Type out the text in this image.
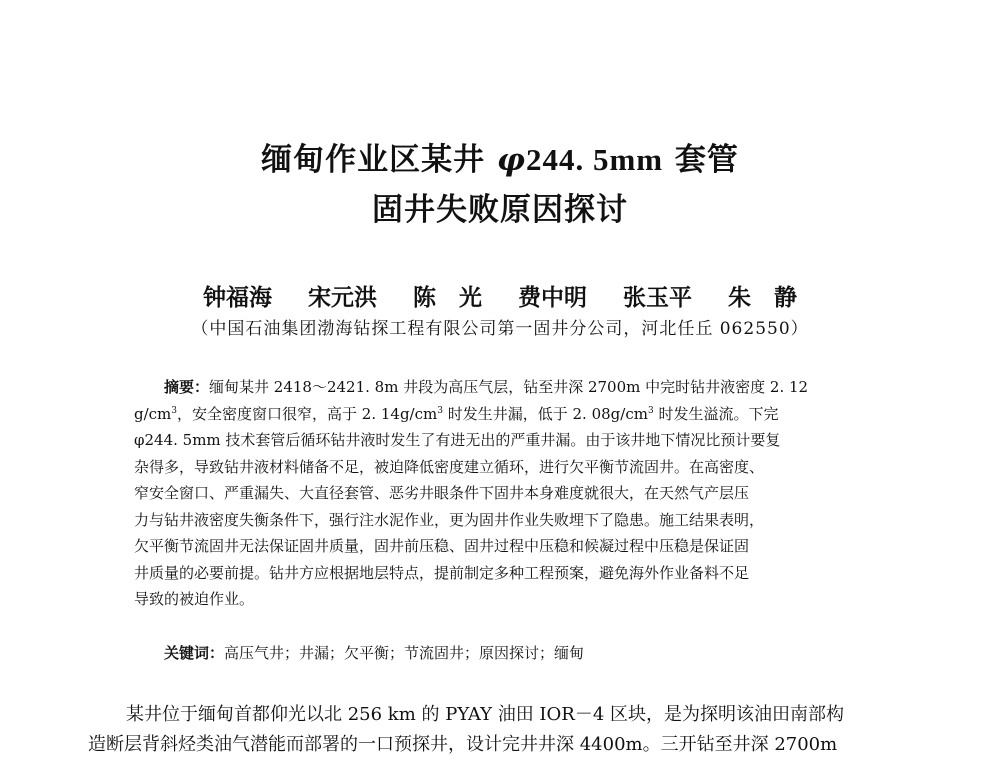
缅甸作业区某井 φ244. 5mm 套管
固井失败原因探讨
钟福海 宋元洪 陈　光 费中明 张玉平 朱　静
（中国石油集团渤海钻探工程有限公司第一固井分公司，河北任丘 062550）
摘要：缅甸某井 2418～2421. 8m 井段为高压气层，钻至井深 2700m 中完时钻井液密度 2. 12
$g/cm^3$，安全密度窗口很窄，高于 2. $14g/cm^3$ 时发生井漏，低于 2. $08g/cm^3$ 时发生溢流。下完
φ244. 5mm 技术套管后循环钻井液时发生了有进无出的严重井漏。由于该井地下情况比预计要复
杂得多，导致钻井液材料储备不足，被迫降低密度建立循环，进行欠平衡节流固井。在高密度、
窄安全窗口、严重漏失、大直径套管、恶劣井眼条件下固井本身难度就很大，在天然气产层压
力与钻井液密度失衡条件下，强行注水泥作业，更为固井作业失败埋下了隐患。施工结果表明，
欠平衡节流固井无法保证固井质量，固井前压稳、固井过程中压稳和候凝过程中压稳是保证固
井质量的必要前提。钻井方应根据地层特点，提前制定多种工程预案，避免海外作业备料不足
导致的被迫作业。
关键词：高压气井；井漏；欠平衡；节流固井；原因探讨；缅甸
某井位于缅甸首都仰光以北 256 km 的 PYAY 油田 IOR－4 区块，是为探明该油田南部构
造断层背斜烃类油气潜能而部署的一口预探井，设计完井井深 4400m。三开钻至井深 2700m
